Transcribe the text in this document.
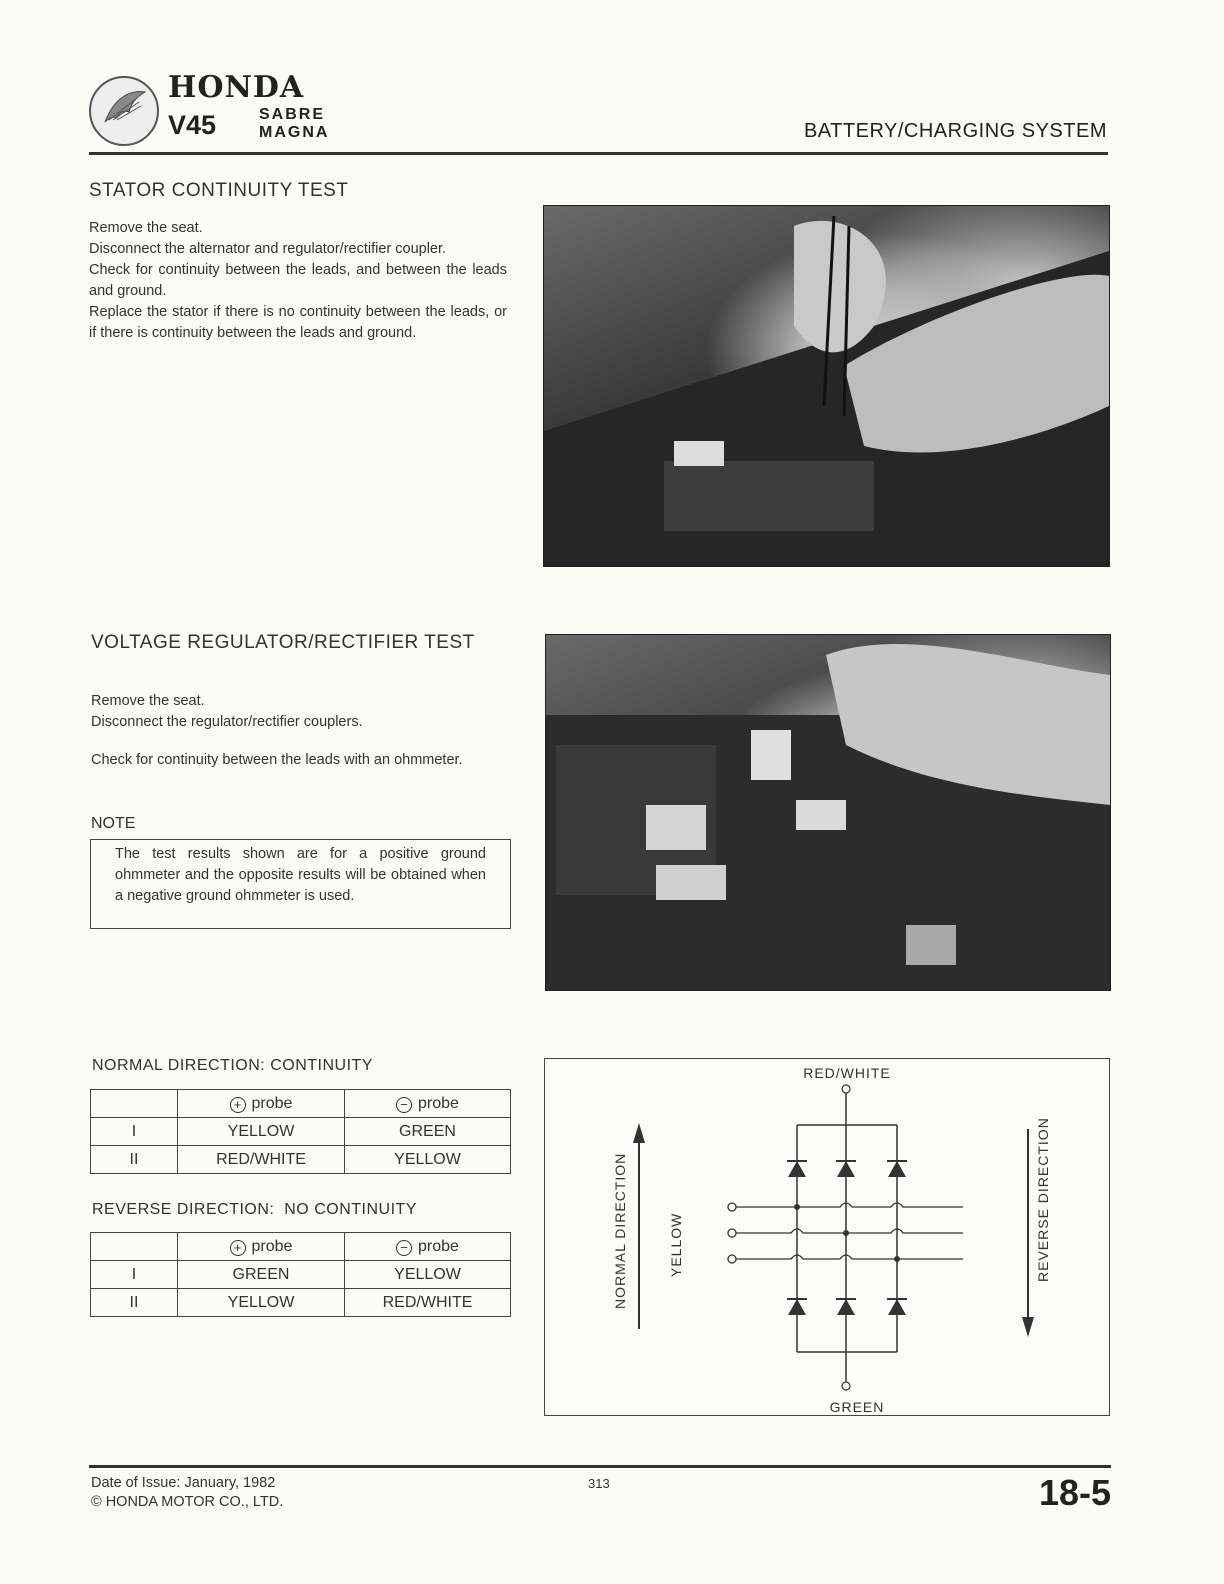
HONDA
V45	SABRE
MAGNA	BATTERY/CHARGING SYSTEM
STATOR CONTINUITY TEST

Remove the seat.

Disconnect the alternator and regulator/rectifier coupler.

Check for continuity between the leads, and between the leads and ground.

Replace the stator if there is no continuity between the leads, or if there is continuity between the leads and ground.

VOLTAGE REGULATOR/RECTIFIER TEST

Remove the seat.

Disconnect the regulator/rectifier couplers.

Check for continuity between the leads with an ohmmeter.

NOTE
The test results shown are for a positive ground ohmmeter and the opposite results will be obtained when a negative ground ohmmeter is used.
NORMAL DIRECTION: CONTINUITY
	+ probe	− probe
I	YELLOW	GREEN
II	RED/WHITE	YELLOW
REVERSE DIRECTION:  NO CONTINUITY
	+ probe	− probe
I	GREEN	YELLOW
II	YELLOW	RED/WHITE
RED/WHITE
GREEN
NORMAL DIRECTION	YELLOW	REVERSE DIRECTION
Date of Issue: January, 1982
© HONDA MOTOR CO., LTD.
313	18-5
